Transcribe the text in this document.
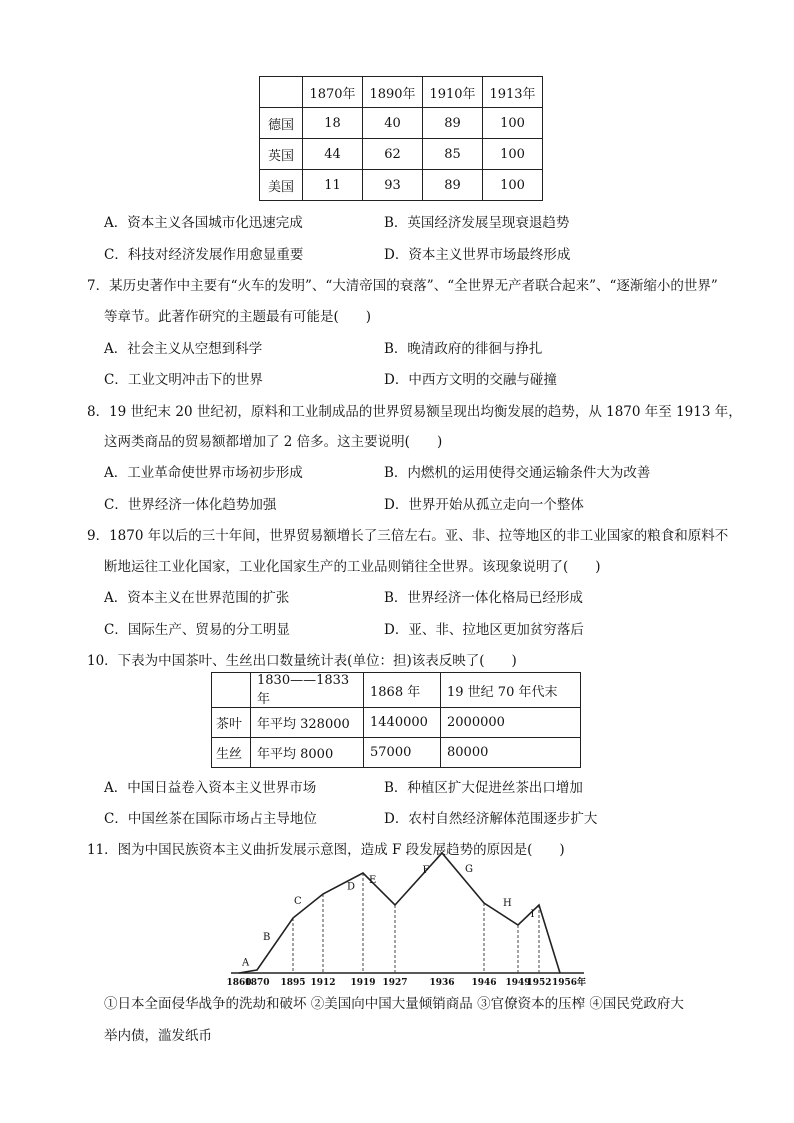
	1870年	1890年	1910年	1913年
德国	18	40	89	100
英国	44	62	85	100
美国	11	93	89	100
A．资本主义各国城市化迅速完成	B．英国经济发展呈现衰退趋势
C．科技对经济发展作用愈显重要	D．资本主义世界市场最终形成
7．某历史著作中主要有“火车的发明”、“大清帝国的衰落”、“全世界无产者联合起来”、“逐渐缩小的世界”
等章节。此著作研究的主题最有可能是(　　)
A．社会主义从空想到科学	B．晚清政府的徘徊与挣扎
C．工业文明冲击下的世界	D．中西方文明的交融与碰撞
8．19 世纪末 20 世纪初，原料和工业制成品的世界贸易额呈现出均衡发展的趋势，从 1870 年至 1913 年，
这两类商品的贸易额都增加了 2 倍多。这主要说明(　　)
A．工业革命使世界市场初步形成	B．内燃机的运用使得交通运输条件大为改善
C．世界经济一体化趋势加强	D．世界开始从孤立走向一个整体
9．1870 年以后的三十年间，世界贸易额增长了三倍左右。亚、非、拉等地区的非工业国家的粮食和原料不
断地运往工业化国家，工业化国家生产的工业品则销往全世界。该现象说明了(　　)
A．资本主义在世界范围的扩张	B．世界经济一体化格局已经形成
C．国际生产、贸易的分工明显	D．亚、非、拉地区更加贫穷落后
10．下表为中国茶叶、生丝出口数量统计表(单位：担)该表反映了(　　)
	1830——1833 年	1868 年	19 世纪 70 年代末
茶叶	年平均 328000	1440000	2000000
生丝	年平均 8000	57000	80000
A．中国日益卷入资本主义世界市场	B．种植区扩大促进丝茶出口增加
C．中国丝茶在国际市场占主导地位	D．农村自然经济解体范围逐步扩大
11．图为中国民族资本主义曲折发展示意图，造成 F 段发展趋势的原因是(　　)
A
B
C
D
E
F	G
H
I
1860
1870 1895 1912 1919 1927 1936 1946 1949
1952 1956年
①日本全面侵华战争的洗劫和破坏 ②美国向中国大量倾销商品 ③官僚资本的压榨 ④国民党政府大
举内债，滥发纸币
